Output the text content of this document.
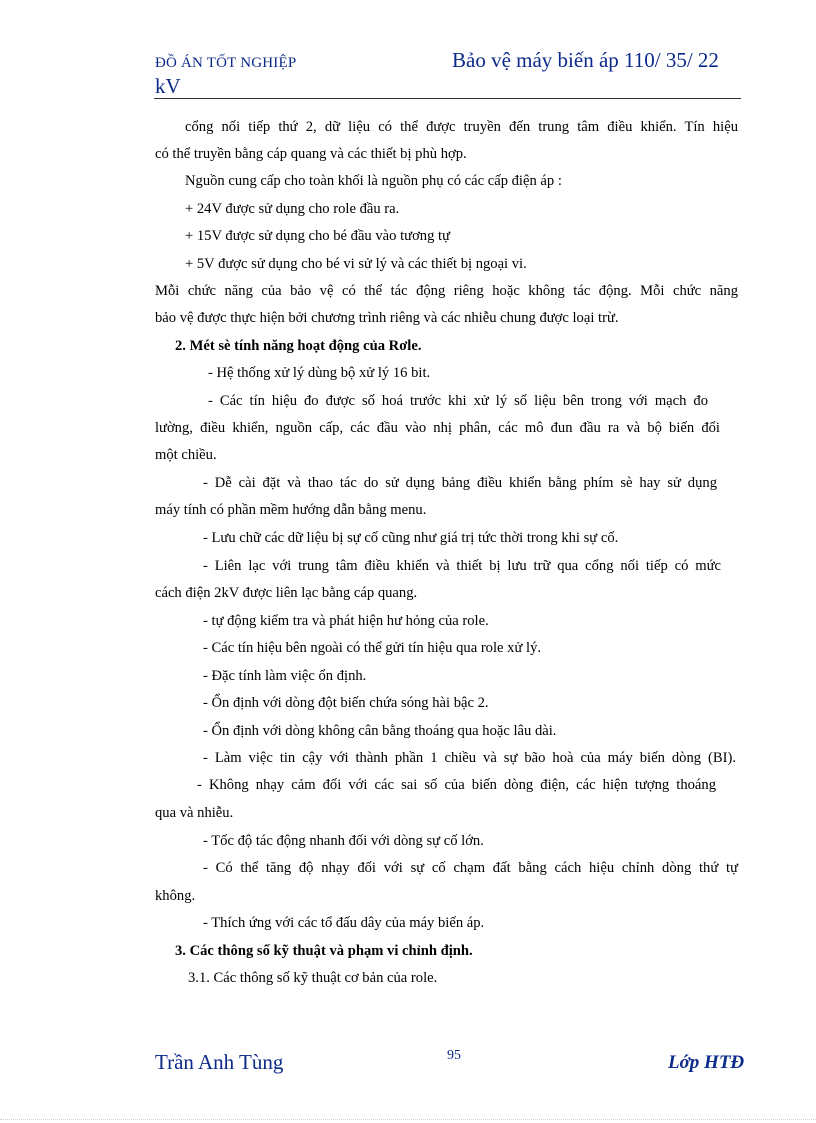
ĐỒ ÁN TỐT NGHIỆP	Bảo vệ máy biến áp 110/ 35/ 22
kV
cổng nối tiếp thứ 2, dữ liệu có thể được truyền đến trung tâm điều khiển. Tín hiệu
có thể truyền bằng cáp quang và các thiết bị phù hợp.
Nguồn cung cấp cho toàn khối là nguồn phụ có các cấp điện áp :
+ 24V được sử dụng cho role đầu ra.
+ 15V được sử dụng cho bé đầu vào tương tự
+ 5V được sử dụng cho bé vi sử lý và các thiết bị ngoại vi.
Mỗi chức năng của bảo vệ có thể tác động riêng hoặc không tác động. Mỗi chức năng
bảo vệ được thực hiện bởi chương trình riêng và các nhiễu chung được loại trừ.
2. Mét sè tính năng hoạt động của Rơle.
- Hệ thống xử lý dùng bộ xử lý 16 bit.
- Các tín hiệu đo được số hoá trước khi xử lý số liệu bên trong với mạch đo
lường, điều khiển, nguồn cấp, các đầu vào nhị phân, các mô đun đầu ra và bộ biến đổi
một chiều.
- Dễ cài đặt và thao tác do sử dụng bảng điều khiển bằng phím sè hay sử dụng
máy tính có phần mềm hướng dẫn bằng menu.
- Lưu chữ các dữ liệu bị sự cố cũng như giá trị tức thời trong khi sự cố.
- Liên lạc với trung tâm điều khiển và thiết bị lưu trữ qua cổng nối tiếp có mức
cách điện 2kV được liên lạc bằng cáp quang.
- tự động kiểm tra và phát hiện hư hỏng của role.
- Các tín hiệu bên ngoài có thể gửi tín hiệu qua role xử lý.
- Đặc tính làm việc ổn định.
- Ổn định với dòng đột biến chứa sóng hài bậc 2.
- Ổn định với dòng không cân bằng thoáng qua hoặc lâu dài.
- Làm việc tin cậy với thành phần 1 chiều và sự bão hoà của máy biến dòng (BI).
- Không nhạy cảm đối với các sai số của biến dòng điện, các hiện tượng thoáng
qua và nhiễu.
- Tốc độ tác động nhanh đối với dòng sự cố lớn.
- Có thể tăng độ nhạy đối với sự cố chạm đất bằng cách hiệu chỉnh dòng thứ tự
không.
- Thích ứng với các tổ đấu dây của máy biến áp.
3. Các thông số kỹ thuật và phạm vi chỉnh định.
3.1. Các thông số kỹ thuật cơ bản của role.
Trần Anh Tùng	95	Lớp HTĐ
